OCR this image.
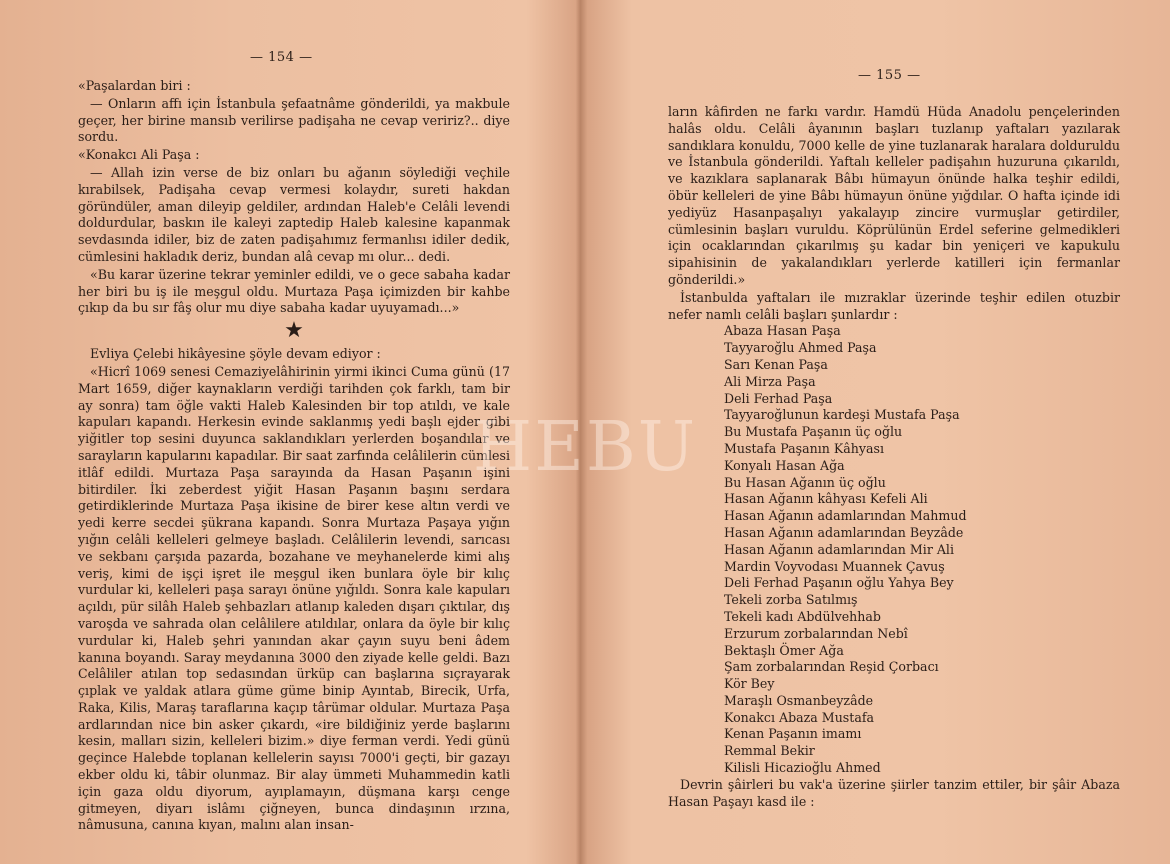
— 154 —

«Paşalardan biri :

— Onların affı için İstanbula şefaatnâme gönderildi, ya makbule geçer, her birine mansıb verilirse padişaha ne cevap veririz?.. diye sordu.

«Konakcı Ali Paşa :

— Allah izin verse de biz onları bu ağanın söylediği veçhile kırabilsek, Padişaha cevap vermesi kolaydır, sureti hakdan göründüler, aman dileyip geldiler, ardından Haleb'e Celâli levendi doldurdular, baskın ile kaleyi zaptedip Haleb kalesine kapanmak sevdasında idiler, biz de zaten padişahımız fermanlısı idiler dedik, cümlesini hakladık deriz, bundan alâ cevap mı olur... dedi.

«Bu karar üzerine tekrar yeminler edildi, ve o gece sabaha kadar her biri bu iş ile meşgul oldu. Murtaza Paşa içimizden bir kahbe çıkıp da bu sır fâş olur mu diye sabaha kadar uyuyamadı...»

★

Evliya Çelebi hikâyesine şöyle devam ediyor :

«Hicrî 1069 senesi Cemaziyelâhirinin yirmi ikinci Cuma günü (17 Mart 1659, diğer kaynakların verdiği tarihden çok farklı, tam bir ay sonra) tam öğle vakti Haleb Kalesinden bir top atıldı, ve kale kapuları kapandı. Herkesin evinde saklanmış yedi başlı ejder gibi yiğitler top sesini duyunca saklandıkları yerlerden boşandılar ve sarayların kapularını kapadılar. Bir saat zarfında celâlilerin cümlesi itlâf edildi. Murtaza Paşa sarayında da Hasan Paşanın işini bitirdiler. İki zeberdest yiğit Hasan Paşanın başını serdara getirdiklerinde Murtaza Paşa ikisine de birer kese altın verdi ve yedi kerre secdei şükrana kapandı. Sonra Murtaza Paşaya yığın yığın celâli kelleleri gelmeye başladı. Celâlilerin levendi, sarıcası ve sekbanı çarşıda pazarda, bozahane ve meyhanelerde kimi alış veriş, kimi de işçi işret ile meşgul iken bunlara öyle bir kılıç vurdular ki, kelleleri paşa sarayı önüne yığıldı. Sonra kale kapuları açıldı, pür silâh Haleb şehbazları atlanıp kaleden dışarı çıktılar, dış varoşda ve sahrada olan celâlilere atıldılar, onlara da öyle bir kılıç vurdular ki, Haleb şehri yanından akar çayın suyu beni âdem kanına boyandı. Saray meydanına 3000 den ziyade kelle geldi. Bazı Celâliler atılan top sedasından ürküp can başlarına sıçrayarak çıplak ve yaldak atlara güme güme binip Ayıntab, Birecik, Urfa, Raka, Kilis, Maraş taraflarına kaçıp târümar oldular. Murtaza Paşa ardlarından nice bin asker çıkardı, «ire bildiğiniz yerde başlarını kesin, malları sizin, kelleleri bizim.» diye ferman verdi. Yedi günü geçince Halebde toplanan kellelerin sayısı 7000'i geçti, bir gazayı ekber oldu ki, tâbir olunmaz. Bir alay ümmeti Muhammedin katli için gaza oldu diyorum, ayıplamayın, düşmana karşı cenge gitmeyen, diyarı islâmı çiğneyen, bunca dindaşının ırzına, nâmusuna, canına kıyan, malını alan insan-

— 155 —

ların kâfirden ne farkı vardır. Hamdü Hüda Anadolu pençelerinden halâs oldu. Celâli âyanının başları tuzlanıp yaftaları yazılarak sandıklara konuldu, 7000 kelle de yine tuzlanarak haralara dolduruldu ve İstanbula gönderildi. Yaftalı kelleler padişahın huzuruna çıkarıldı, ve kazıklara saplanarak Bâbı hümayun önünde halka teşhir edildi, öbür kelleleri de yine Bâbı hümayun önüne yığdılar. O hafta içinde idi yediyüz Hasanpaşalıyı yakalayıp zincire vurmuşlar getirdiler, cümlesinin başları vuruldu. Köprülünün Erdel seferine gelmedikleri için ocaklarından çıkarılmış şu kadar bin yeniçeri ve kapukulu sipahisinin de yakalandıkları yerlerde katilleri için fermanlar gönderildi.»

İstanbulda yaftaları ile mızraklar üzerinde teşhir edilen otuzbir nefer namlı celâli başları şunlardır :

Abaza Hasan Paşa
Tayyaroğlu Ahmed Paşa
Sarı Kenan Paşa
Ali Mirza Paşa
Deli Ferhad Paşa
Tayyaroğlunun kardeşi Mustafa Paşa
Bu Mustafa Paşanın üç oğlu
Mustafa Paşanın Kâhyası
Konyalı Hasan Ağa
Bu Hasan Ağanın üç oğlu
Hasan Ağanın kâhyası Kefeli Ali
Hasan Ağanın adamlarından Mahmud
Hasan Ağanın adamlarından Beyzâde
Hasan Ağanın adamlarından Mir Ali
Mardin Voyvodası Muannek Çavuş
Deli Ferhad Paşanın oğlu Yahya Bey
Tekeli zorba Satılmış
Tekeli kadı Abdülvehhab
Erzurum zorbalarından Nebî
Bektaşlı Ömer Ağa
Şam zorbalarından Reşid Çorbacı
Kör Bey
Maraşlı Osmanbeyzâde
Konakcı Abaza Mustafa
Kenan Paşanın imamı
Remmal Bekir
Kilisli Hicazioğlu Ahmed

Devrin şâirleri bu vak'a üzerine şiirler tanzim ettiler, bir şâir Abaza Hasan Paşayı kasd ile :

HEBU
